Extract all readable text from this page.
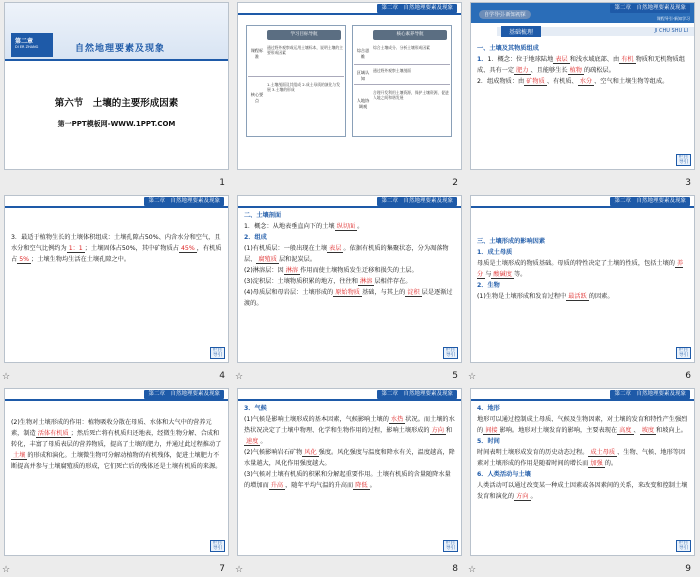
第二章
DI ER ZHANG	自然地理要素及现象
第六节　土壤的主要形成因素
第一PPT模板网-WWW.1PPT.COM
1
第二章　自然地理要素及现象
学习目标导航
课程标准
通过野外观察或运用土壤标本，说明土壤的主要形成因素
核心要点
1.土壤剖面及其组成 2.成土母质的演化与发展 3.土壤的形成
核心素养导航
综合思维
综合土壤成分、分析土壤形成因素
区域认知
通过野外观察土壤剖面
人地协调观
合理开发利用土壤资源，保护土壤资源，促进人地之间和谐发展
2
第二章　自然地理要素及现象
自学导引·新知初探
课程导引·新知学习
基础梳理	JI CHU SHU LI
一、土壤及其物质组成
1．1．概念：位于地球陆地 表层 和浅水域底部、由 有机 物质和无机物质组成、具有一定 肥力 、且能够生长 植物 的疏松层。
2．组成物质：由 矿物质 、有机质、 水分 、空气和土壤生物等组成。
栏目导引
3
第二章　自然地理要素及现象
3．最适于植物生长的土壤体积组成：土壤孔隙占50%、内含水分和空气，且水分和空气比例约为 1：1 ；土壤固体占50%，其中矿物质占 45% ，有机质占 5% ；土壤生物均生活在土壤孔隙之中。
栏目导引
☆	4
第二章　自然地理要素及现象
二、土壤剖面
1．概念：从地表垂直向下的土壤 纵切面 。
2．组成
(1)有机质层：一般出现在土壤 表层 。依据有机质的集聚状态，分为凋落物层、 腐殖质 层和泥炭层。
(2)淋溶层：因 淋溶 作用而使土壤物质发生迁移和损失的土层。
(3)淀积层：土壤物质积累的地方，往往和 淋溶 层相伴存在。
(4)母质层和母岩层：土壤形成的 原始物质 基础，与其上的 淀积 层是逐渐过渡的。
栏目导引
☆	5
第二章　自然地理要素及现象
三、土壤形成的影响因素
1．成土母质
母质是土壤形成的物质基础。母质的特性决定了土壤的性质，包括土壤的 养分 与 酸碱度 等。
2．生物
(1)生物是土壤形成和发育过程中 最活跃 的因素。
栏目导引
☆	6
第二章　自然地理要素及现象
(2)生物对土壤形成的作用：植物吸收分散在母质、水体和大气中的营养元素，制造 活体有机质 ；然后死亡将有机质归还地表，经微生物分解、合成和转化，丰富了母质表层的营养物质，提高了土壤的肥力，并通过此过程推动了土壤 的形成和演化。土壤微生物可分解动植物的有机残体，促进土壤肥力不断提高并参与土壤腐殖质的形成，它们死亡后的残体还是土壤有机质的来源。
栏目导引
☆	7
第二章　自然地理要素及现象
3．气候
(1)气候是影响土壤形成的基本因素，气候影响土壤的 水热 状况。而土壤的水热状况决定了土壤中物理、化学和生物作用的过程，影响土壤形成的 方向 和速度 。
(2)气候影响岩石矿物 风化 强度。风化强度与温度和降水有关，温度越高，降水量越大，风化作用强度越大。
(3)气候对土壤有机质的积累和分解起重要作用。土壤有机质的含量随降水量的增加而 升高 ，随年平均气温的升高而 降低 。
栏目导引
☆	8
第二章　自然地理要素及现象
4．地形
地形可以通过控制成土母质、气候及生物因素，对土壤的发育和特性产生强烈的 间接 影响。地形对土壤发育的影响，主要表现在 高度 、 坡度 和坡向上。
5．时间
时间表明土壤形成发育的历史动态过程。 成土母质 、生物、气候、地形等因素对土壤形成的作用是随着时间的增长而 加强 的。
6．人类活动与土壤
人类活动可以通过改变某一种成土因素或各因素间的关系，来改变和控制土壤发育和演化的 方向 。
栏目导引
☆	9
